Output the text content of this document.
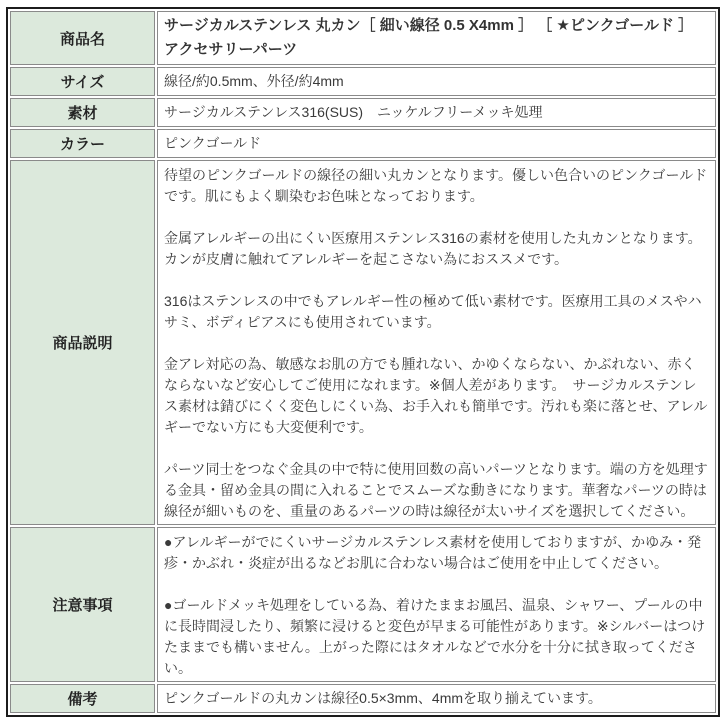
商品名	サージカルステンレス 丸カン［ 細い線径 0.5 X4mm ］ ［ ★ピンクゴールド ］　アクセサリーパーツ
サイズ	線径/約0.5mm、外径/約4mm
素材	サージカルステンレス316(SUS)　ニッケルフリーメッキ処理
カラー	ピンクゴールド
商品説明	待望のピンクゴールドの線径の細い丸カンとなります。優しい色合いのピンクゴールドです。肌にもよく馴染むお色味となっております。

金属アレルギーの出にくい医療用ステンレス316の素材を使用した丸カンとなります。カンが皮膚に触れてアレルギーを起こさない為におススメです。

316はステンレスの中でもアレルギー性の極めて低い素材です。医療用工具のメスやハサミ、ボディピアスにも使用されています。

金アレ対応の為、敏感なお肌の方でも腫れない、かゆくならない、かぶれない、赤くならないなど安心してご使用になれます。※個人差があります。　サージカルステンレス素材は錆びにくく変色しにくい為、お手入れも簡単です。汚れも楽に落とせ、アレルギーでない方にも大変便利です。

パーツ同士をつなぐ金具の中で特に使用回数の高いパーツとなります。端の方を処理する金具・留め金具の間に入れることでスムーズな動きになります。華奢なパーツの時は線径が細いものを、重量のあるパーツの時は線径が太いサイズを選択してください。

注意事項	●アレルギーがでにくいサージカルステンレス素材を使用しておりますが、かゆみ・発疹・かぶれ・炎症が出るなどお肌に合わない場合はご使用を中止してください。

●ゴールドメッキ処理をしている為、着けたままお風呂、温泉、シャワー、プールの中に長時間浸したり、頻繁に浸けると変色が早まる可能性があります。※シルバーはつけたままでも構いません。上がった際にはタオルなどで水分を十分に拭き取ってください。

備考	ピンクゴールドの丸カンは線径0.5×3mm、4mmを取り揃えています。
